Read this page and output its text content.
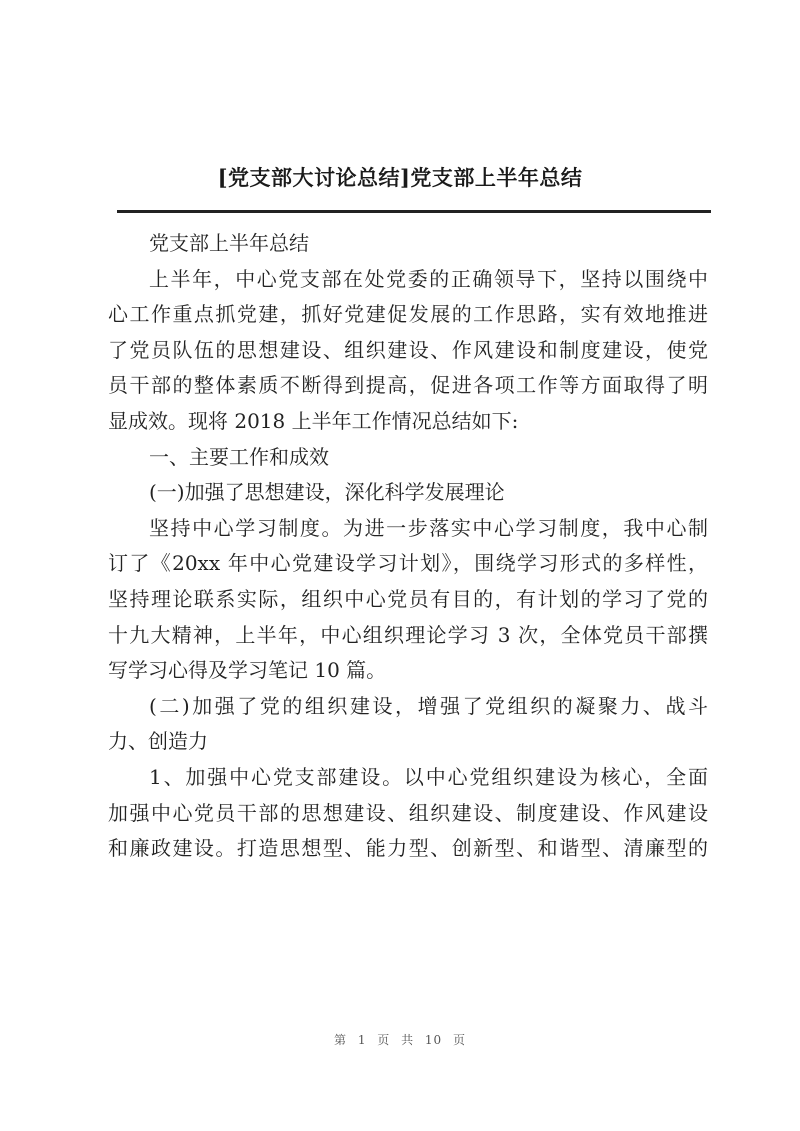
[党支部大讨论总结]党支部上半年总结
党支部上半年总结
上半年，中心党支部在处党委的正确领导下，坚持以围绕中
心工作重点抓党建，抓好党建促发展的工作思路，实有效地推进
了党员队伍的思想建设、组织建设、作风建设和制度建设，使党
员干部的整体素质不断得到提高，促进各项工作等方面取得了明
显成效。现将 2018 上半年工作情况总结如下:
一、主要工作和成效
(一)加强了思想建设，深化科学发展理论
坚持中心学习制度。为进一步落实中心学习制度，我中心制
订了《20xx 年中心党建设学习计划》，围绕学习形式的多样性，
坚持理论联系实际，组织中心党员有目的，有计划的学习了党的
十九大精神，上半年，中心组织理论学习 3 次，全体党员干部撰
写学习心得及学习笔记 10 篇。
(二)加强了党的组织建设，增强了党组织的凝聚力、战斗
力、创造力
1、加强中心党支部建设。以中心党组织建设为核心，全面
加强中心党员干部的思想建设、组织建设、制度建设、作风建设
和廉政建设。打造思想型、能力型、创新型、和谐型、清廉型的
第 1 页 共 10 页
